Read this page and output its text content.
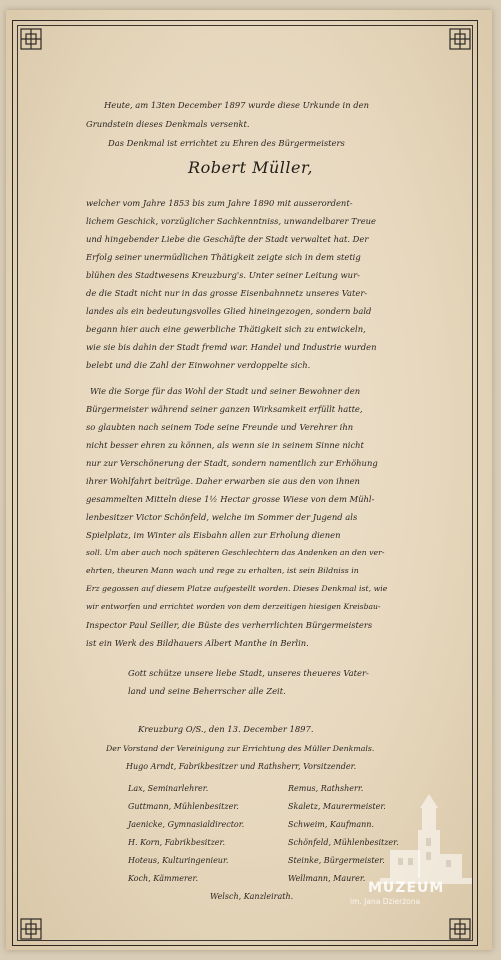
Heute, am 13ten December 1897 wurde diese Urkunde in den
Grundstein dieses Denkmals versenkt.
Das Denkmal ist errichtet zu Ehren des Bürgermeisters
Robert Müller,
welcher vom Jahre 1853 bis zum Jahre 1890 mit ausserordent-
lichem Geschick, vorzüglicher Sachkenntniss, unwandelbarer Treue
und hingebender Liebe die Geschäfte der Stadt verwaltet hat. Der
Erfolg seiner unermüdlichen Thätigkeit zeigte sich in dem stetig
blühen des Stadtwesens Kreuzburg's. Unter seiner Leitung wur-
de die Stadt nicht nur in das grosse Eisenbahnnetz unseres Vater-
landes als ein bedeutungsvolles Glied hineingezogen, sondern bald
begann hier auch eine gewerbliche Thätigkeit sich zu entwickeln,
wie sie bis dahin der Stadt fremd war. Handel und Industrie wurden
belebt und die Zahl der Einwohner verdoppelte sich.
Wie die Sorge für das Wohl der Stadt und seiner Bewohner den
Bürgermeister während seiner ganzen Wirksamkeit erfüllt hatte,
so glaubten nach seinem Tode seine Freunde und Verehrer ihn
nicht besser ehren zu können, als wenn sie in seinem Sinne nicht
nur zur Verschönerung der Stadt, sondern namentlich zur Erhöhung
ihrer Wohlfahrt beitrüge. Daher erwarben sie aus den von ihnen
gesammelten Mitteln diese 1½ Hectar grosse Wiese von dem Mühl-
lenbesitzer Victor Schönfeld, welche im Sommer der Jugend als
Spielplatz, im Winter als Eisbahn allen zur Erholung dienen
soll. Um aber auch noch späteren Geschlechtern das Andenken an den ver-
ehrten, theuren Mann wach und rege zu erhalten, ist sein Bildniss in
Erz gegossen auf diesem Platze aufgestellt worden. Dieses Denkmal ist, wie
wir entworfen und errichtet worden von dem derzeitigen hiesigen Kreisbau-
Inspector Paul Seiller, die Büste des verherrlichten Bürgermeisters
ist ein Werk des Bildhauers Albert Manthe in Berlin.
Gott schütze unsere liebe Stadt, unseres theueres Vater-
land und seine Beherrscher alle Zeit.
Kreuzburg O/S., den 13. December 1897.
Der Vorstand der Vereinigung zur Errichtung des Müller Denkmals.
Hugo Arndt, Fabrikbesitzer und Rathsherr, Vorsitzender.
Lax, Seminarlehrer.
Guttmann, Mühlenbesitzer.
Jaenicke, Gymnasialdirector.
H. Korn, Fabrikbesitzer.
Hoteus, Kulturingenieur.
Koch, Kämmerer.
Remus, Rathsherr.
Skaletz, Maurermeister.
Schweim, Kaufmann.
Schönfeld, Mühlenbesitzer.
Steinke, Bürgermeister.
Wellmann, Maurer.
Welsch, Kanzleirath.
MUZEUM
im. Jana Dzierżona
